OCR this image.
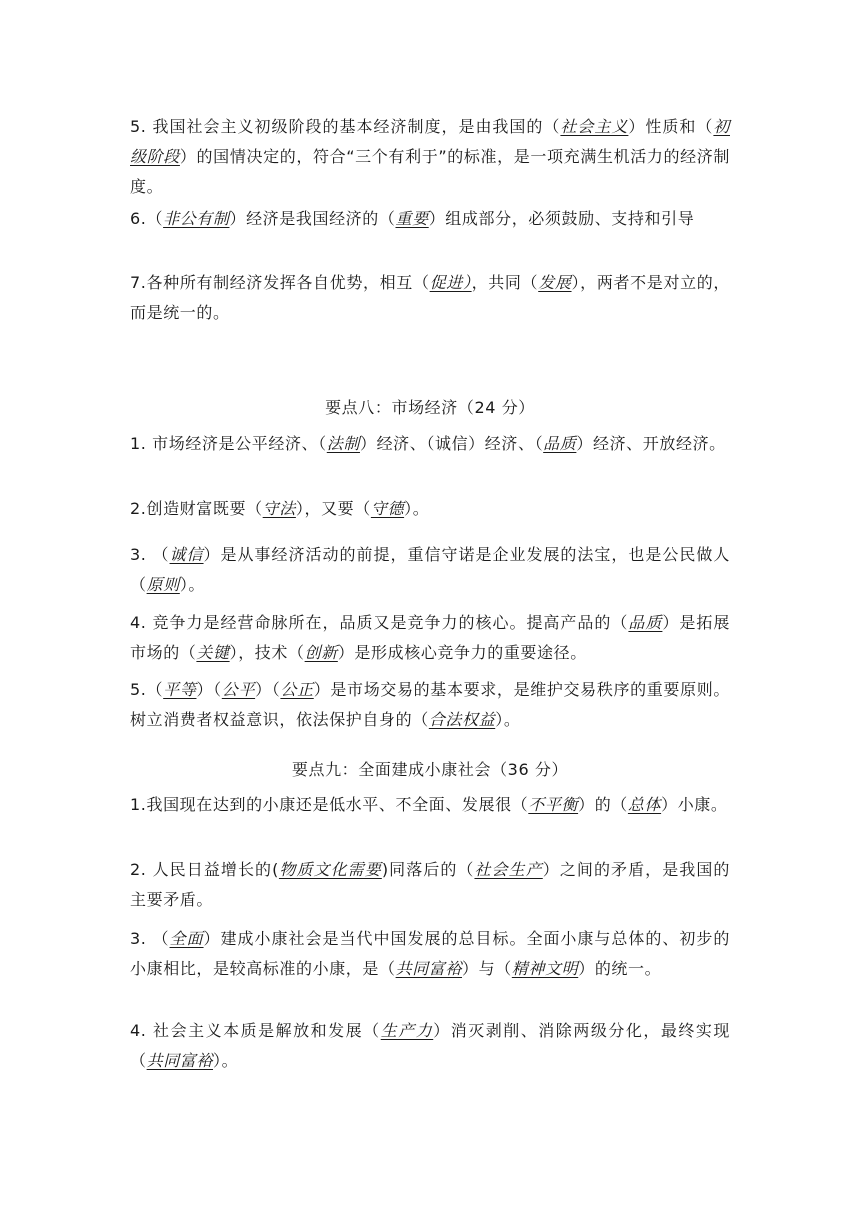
5. 我国社会主义初级阶段的基本经济制度，是由我国的（社会主义）性质和（初级阶段）的国情决定的，符合“三个有利于”的标准，是一项充满生机活力的经济制度。

6.（非公有制）经济是我国经济的（重要）组成部分，必须鼓励、支持和引导

7.各种所有制经济发挥各自优势，相互（促进），共同（发展），两者不是对立的，而是统一的。

要点八：市场经济（24 分）

1. 市场经济是公平经济、（法制）经济、（诚信）经济、（品质）经济、开放经济。

2.创造财富既要（守法），又要（守德）。

3. （诚信）是从事经济活动的前提，重信守诺是企业发展的法宝，也是公民做人（原则）。

4. 竞争力是经营命脉所在，品质又是竞争力的核心。提高产品的（品质）是拓展市场的（关键），技术（创新）是形成核心竞争力的重要途径。

5.（平等）（公平）（公正）是市场交易的基本要求，是维护交易秩序的重要原则。树立消费者权益意识，依法保护自身的（合法权益）。

要点九：全面建成小康社会（36 分）

1.我国现在达到的小康还是低水平、不全面、发展很（不平衡）的（总体）小康。

2. 人民日益增长的(物质文化需要)同落后的（社会生产）之间的矛盾，是我国的主要矛盾。

3. （全面）建成小康社会是当代中国发展的总目标。全面小康与总体的、初步的小康相比，是较高标准的小康，是（共同富裕）与（精神文明）的统一。

4. 社会主义本质是解放和发展（生产力）消灭剥削、消除两级分化，最终实现（共同富裕）。
